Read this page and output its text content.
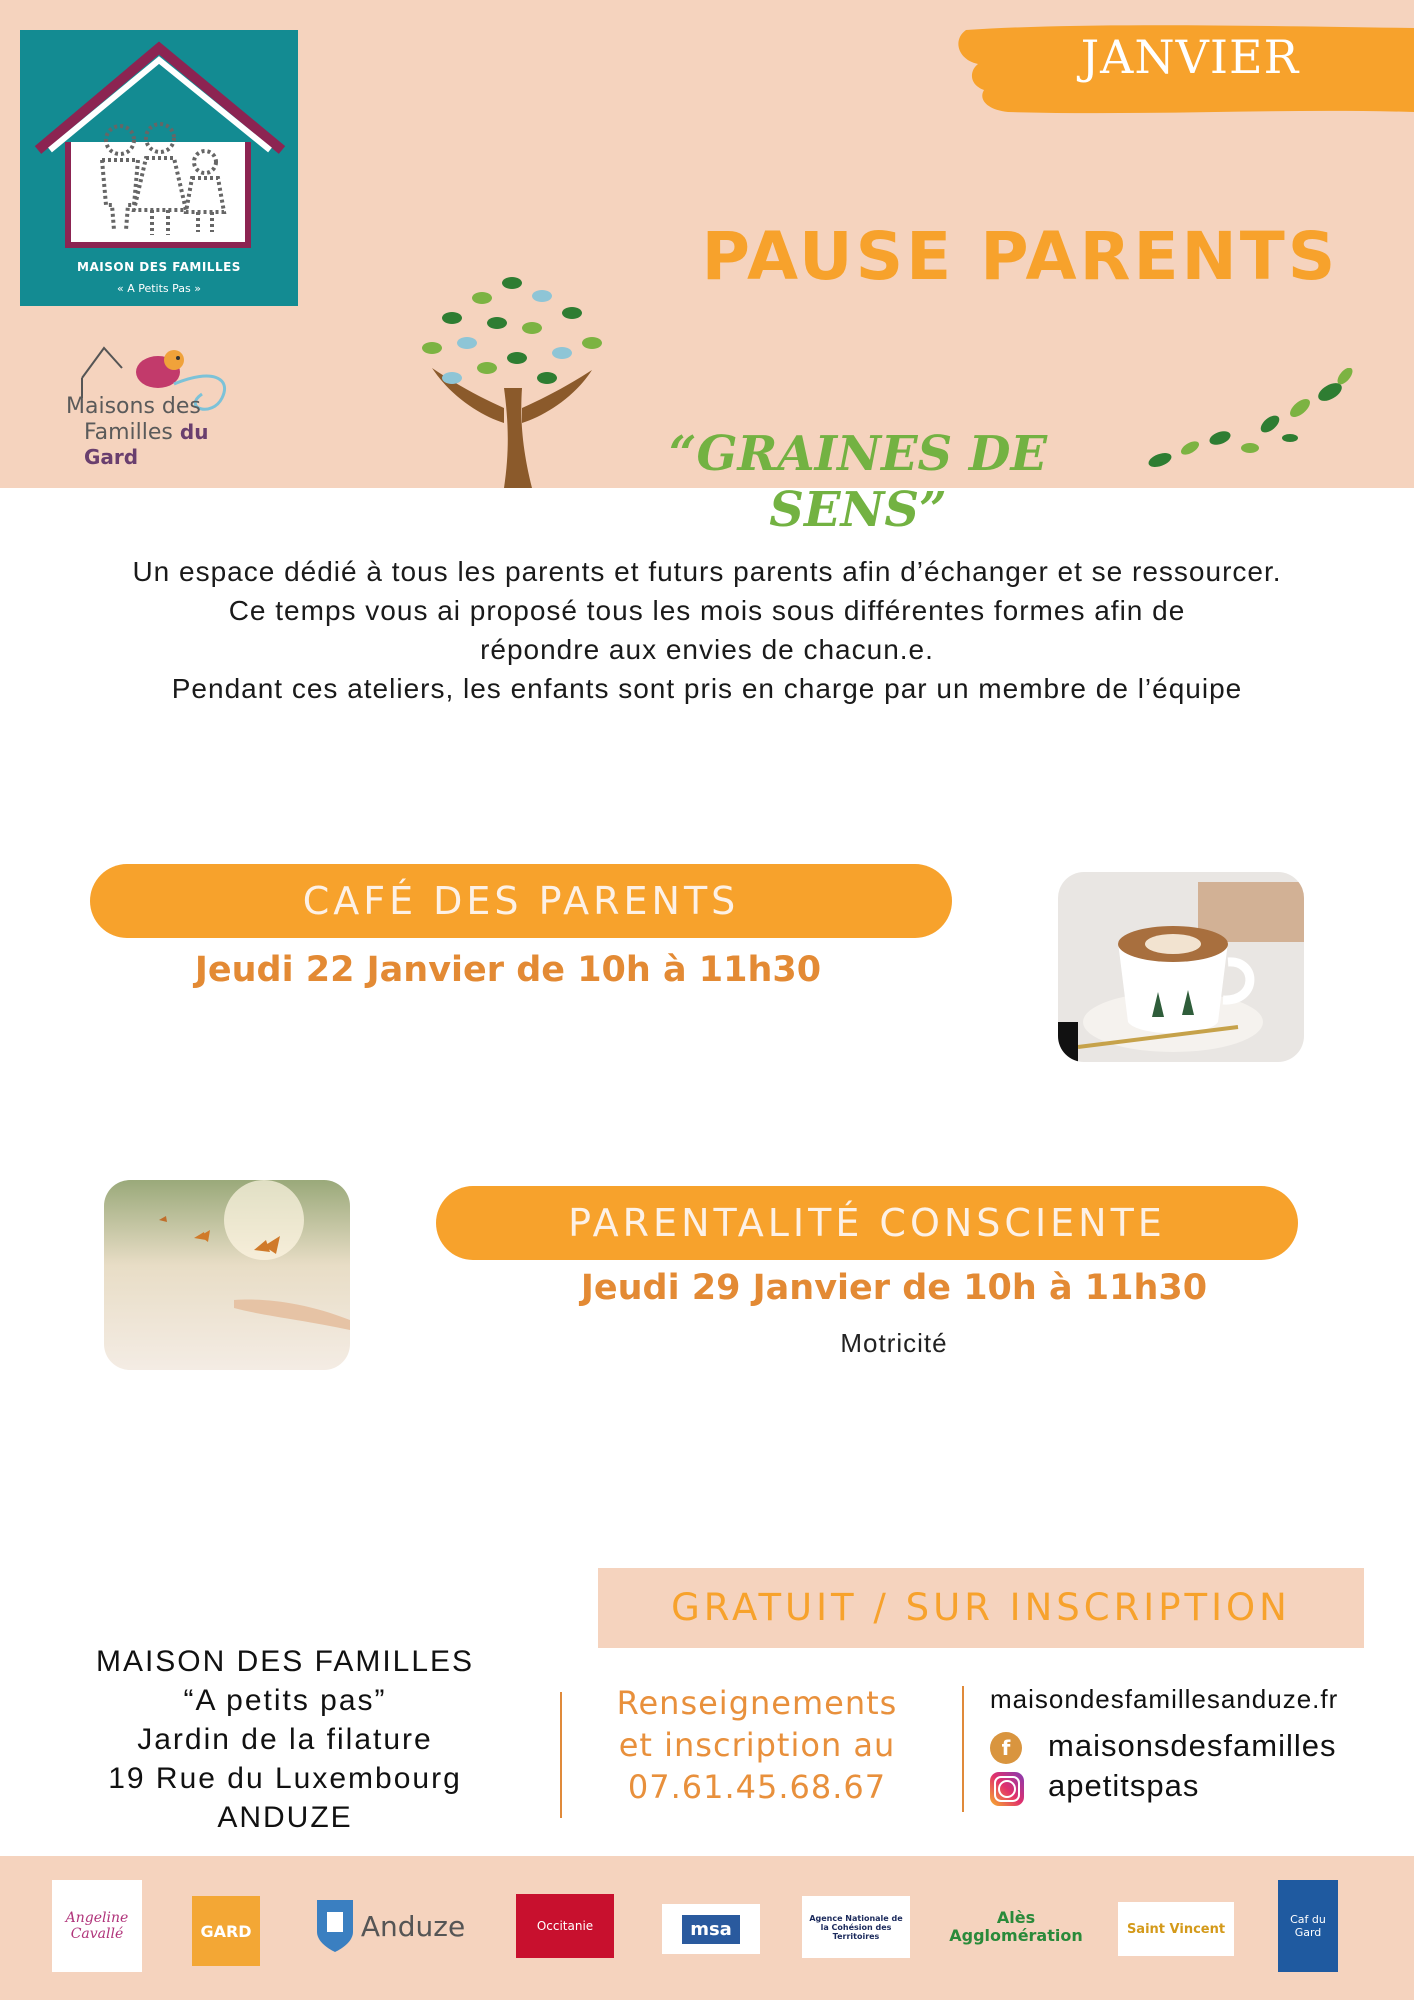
MAISON DES FAMILLES
« A Petits Pas »
Maisons des
Familles du Gard
JANVIER
PAUSE PARENTS
“GRAINES DE SENS”

Un espace dédié à tous les parents et futurs parents afin d’échanger et se ressourcer.

Ce temps vous ai proposé tous les mois sous différentes formes afin de

répondre aux envies de chacun.e.

Pendant ces ateliers, les enfants sont pris en charge par un membre de l’équipe

CAFÉ DES PARENTS
Jeudi 22 Janvier de 10h à 11h30
PARENTALITÉ CONSCIENTE
Jeudi 29 Janvier de 10h à 11h30
Motricité
GRATUIT / SUR INSCRIPTION

MAISON DES FAMILLES

“A petits pas”

Jardin de la filature

19 Rue du Luxembourg

ANDUZE

Renseignements

et inscription au

07.61.45.68.67

maisondesfamillesanduze.fr
f	maisonsdesfamilles
apetitspas
Angeline Cavallé	GARD	Anduze	Occitanie	msa
Agence Nationale de la Cohésion des Territoires
Alès Agglomération	Saint Vincent
Caf du Gard
